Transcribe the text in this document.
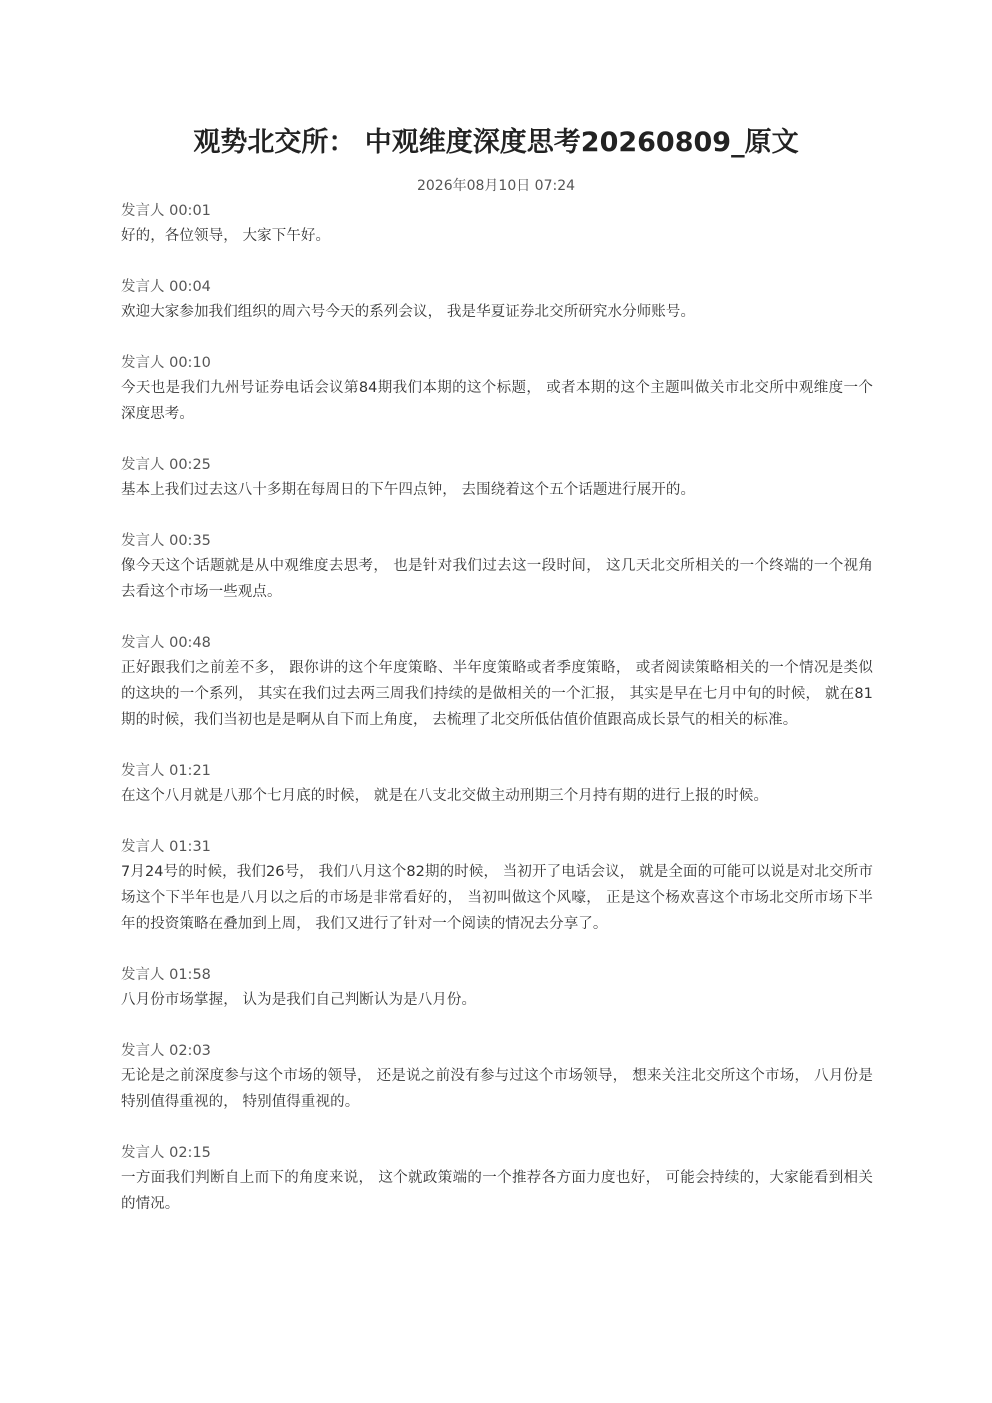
观势北交所： 中观维度深度思考20260809_原文
2026年08月10日 07:24
发言人 00:01
好的，各位领导， 大家下午好。
发言人 00:04
欢迎大家参加我们组织的周六号今天的系列会议， 我是华夏证券北交所研究水分师账号。
发言人 00:10
今天也是我们九州号证券电话会议第84期我们本期的这个标题， 或者本期的这个主题叫做关市北交所中观维度一个深度思考。
发言人 00:25
基本上我们过去这八十多期在每周日的下午四点钟， 去围绕着这个五个话题进行展开的。
发言人 00:35
像今天这个话题就是从中观维度去思考， 也是针对我们过去这一段时间， 这几天北交所相关的一个终端的一个视角去看这个市场一些观点。
发言人 00:48
正好跟我们之前差不多， 跟你讲的这个年度策略、半年度策略或者季度策略， 或者阅读策略相关的一个情况是类似的这块的一个系列， 其实在我们过去两三周我们持续的是做相关的一个汇报， 其实是早在七月中旬的时候， 就在81期的时候，我们当初也是是啊从自下而上角度， 去梳理了北交所低估值价值跟高成长景气的相关的标准。
发言人 01:21
在这个八月就是八那个七月底的时候， 就是在八支北交做主动刑期三个月持有期的进行上报的时候。
发言人 01:31
7月24号的时候，我们26号， 我们八月这个82期的时候， 当初开了电话会议， 就是全面的可能可以说是对北交所市场这个下半年也是八月以之后的市场是非常看好的， 当初叫做这个风嚎， 正是这个杨欢喜这个市场北交所市场下半年的投资策略在叠加到上周， 我们又进行了针对一个阅读的情况去分享了。
发言人 01:58
八月份市场掌握， 认为是我们自己判断认为是八月份。
发言人 02:03
无论是之前深度参与这个市场的领导， 还是说之前没有参与过这个市场领导， 想来关注北交所这个市场， 八月份是特别值得重视的， 特别值得重视的。
发言人 02:15
一方面我们判断自上而下的角度来说， 这个就政策端的一个推荐各方面力度也好， 可能会持续的，大家能看到相关的情况。
